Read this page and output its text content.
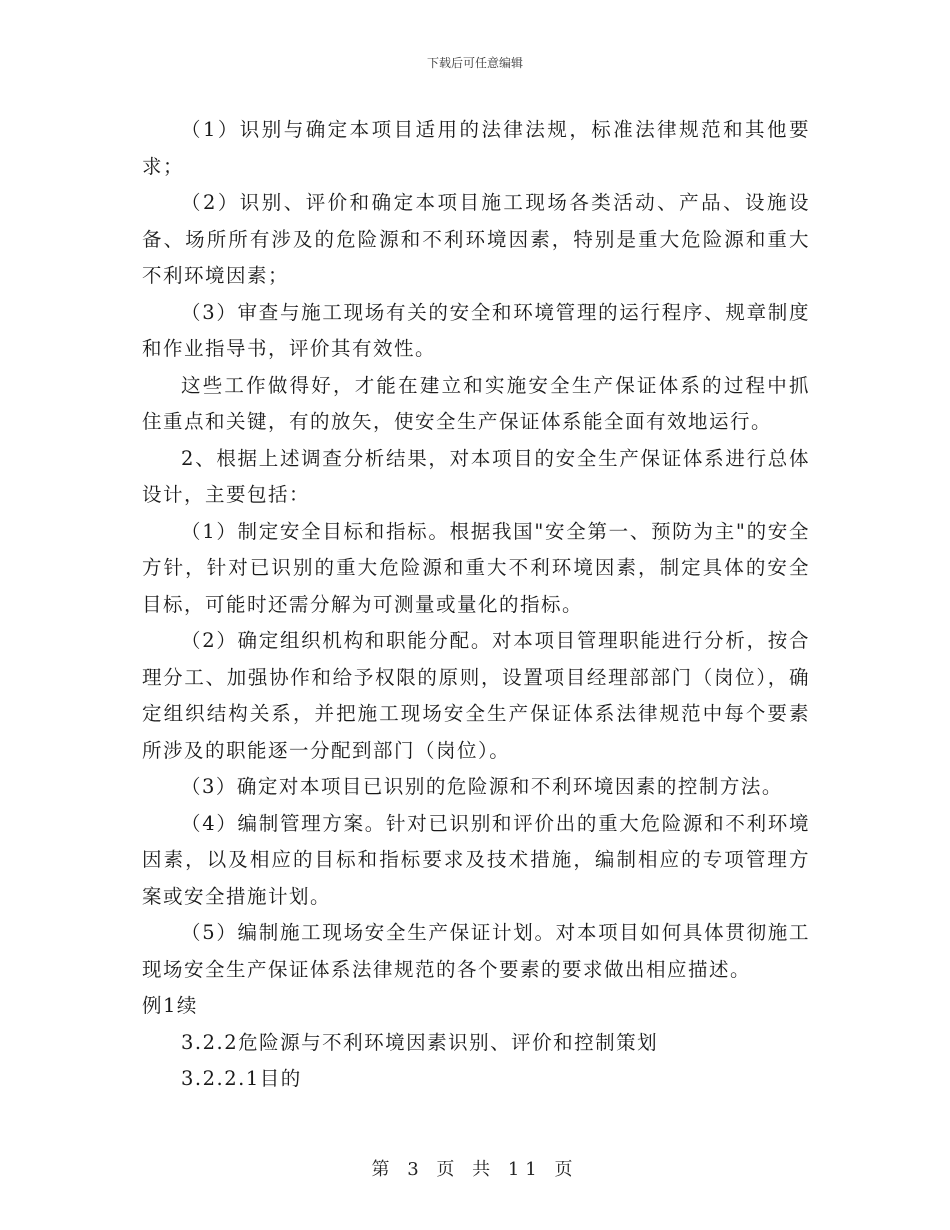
下载后可任意编辑

（1）识别与确定本项目适用的法律法规，标准法律规范和其他要求；

（2）识别、评价和确定本项目施工现场各类活动、产品、设施设备、场所所有涉及的危险源和不利环境因素，特别是重大危险源和重大不利环境因素；

（3）审查与施工现场有关的安全和环境管理的运行程序、规章制度和作业指导书，评价其有效性。

这些工作做得好，才能在建立和实施安全生产保证体系的过程中抓住重点和关键，有的放矢，使安全生产保证体系能全面有效地运行。

2、根据上述调查分析结果，对本项目的安全生产保证体系进行总体设计，主要包括：

（1）制定安全目标和指标。根据我国"安全第一、预防为主"的安全方针，针对已识别的重大危险源和重大不利环境因素，制定具体的安全目标，可能时还需分解为可测量或量化的指标。

（2）确定组织机构和职能分配。对本项目管理职能进行分析，按合理分工、加强协作和给予权限的原则，设置项目经理部部门（岗位），确定组织结构关系，并把施工现场安全生产保证体系法律规范中每个要素所涉及的职能逐一分配到部门（岗位）。

（3）确定对本项目已识别的危险源和不利环境因素的控制方法。

（4）编制管理方案。针对已识别和评价出的重大危险源和不利环境因素，以及相应的目标和指标要求及技术措施，编制相应的专项管理方案或安全措施计划。

（5）编制施工现场安全生产保证计划。对本项目如何具体贯彻施工现场安全生产保证体系法律规范的各个要素的要求做出相应描述。

例1续

3.2.2危险源与不利环境因素识别、评价和控制策划

3.2.2.1目的

第 3 页 共 11 页
